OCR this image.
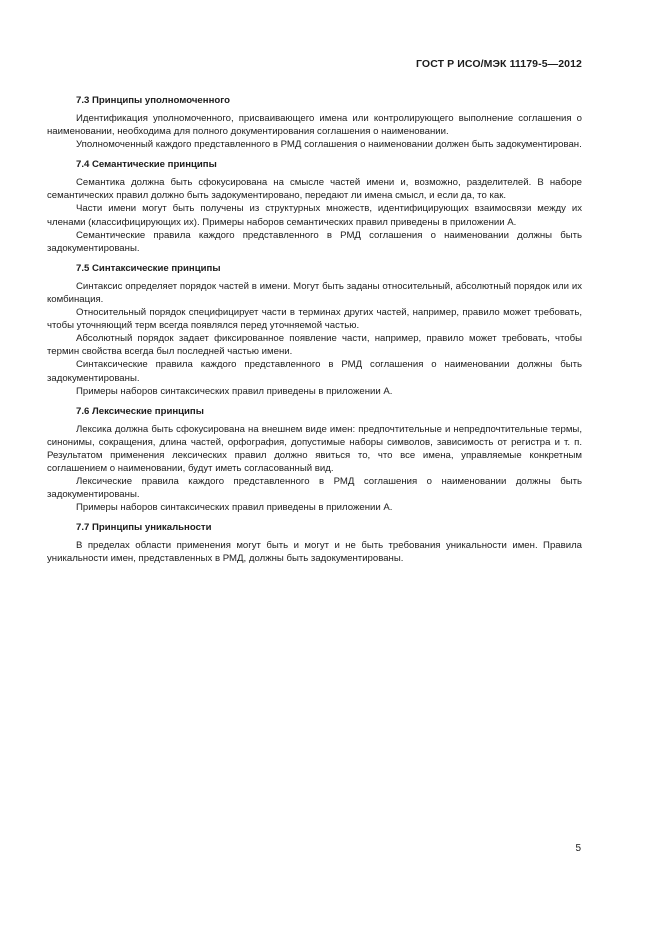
ГОСТ Р ИСО/МЭК 11179-5—2012
7.3 Принципы уполномоченного

Идентификация уполномоченного, присваивающего имена или контролирующего выполнение соглашения о наименовании, необходима для полного документирования соглашения о наименовании.

Уполномоченный каждого представленного в РМД соглашения о наименовании должен быть задокументирован.

7.4 Семантические принципы

Семантика должна быть сфокусирована на смысле частей имени и, возможно, разделителей. В наборе семантических правил должно быть задокументировано, передают ли имена смысл, и если да, то как.

Части имени могут быть получены из структурных множеств, идентифицирующих взаимосвязи между их членами (классифицирующих их). Примеры наборов семантических правил приведены в приложении А.

Семантические правила каждого представленного в РМД соглашения о наименовании должны быть задокументированы.

7.5 Синтаксические принципы

Синтаксис определяет порядок частей в имени. Могут быть заданы относительный, абсолютный порядок или их комбинация.

Относительный порядок специфицирует части в терминах других частей, например, правило может требовать, чтобы уточняющий терм всегда появлялся перед уточняемой частью.

Абсолютный порядок задает фиксированное появление части, например, правило может требовать, чтобы термин свойства всегда был последней частью имени.

Синтаксические правила каждого представленного в РМД соглашения о наименовании должны быть задокументированы.

Примеры наборов синтаксических правил приведены в приложении А.

7.6 Лексические принципы

Лексика должна быть сфокусирована на внешнем виде имен: предпочтительные и непредпочтительные термы, синонимы, сокращения, длина частей, орфография, допустимые наборы символов, зависимость от регистра и т. п. Результатом применения лексических правил должно явиться то, что все имена, управляемые конкретным соглашением о наименовании, будут иметь согласованный вид.

Лексические правила каждого представленного в РМД соглашения о наименовании должны быть задокументированы.

Примеры наборов синтаксических правил приведены в приложении А.

7.7 Принципы уникальности

В пределах области применения могут быть и могут и не быть требования уникальности имен. Правила уникальности имен, представленных в РМД, должны быть задокументированы.

5
